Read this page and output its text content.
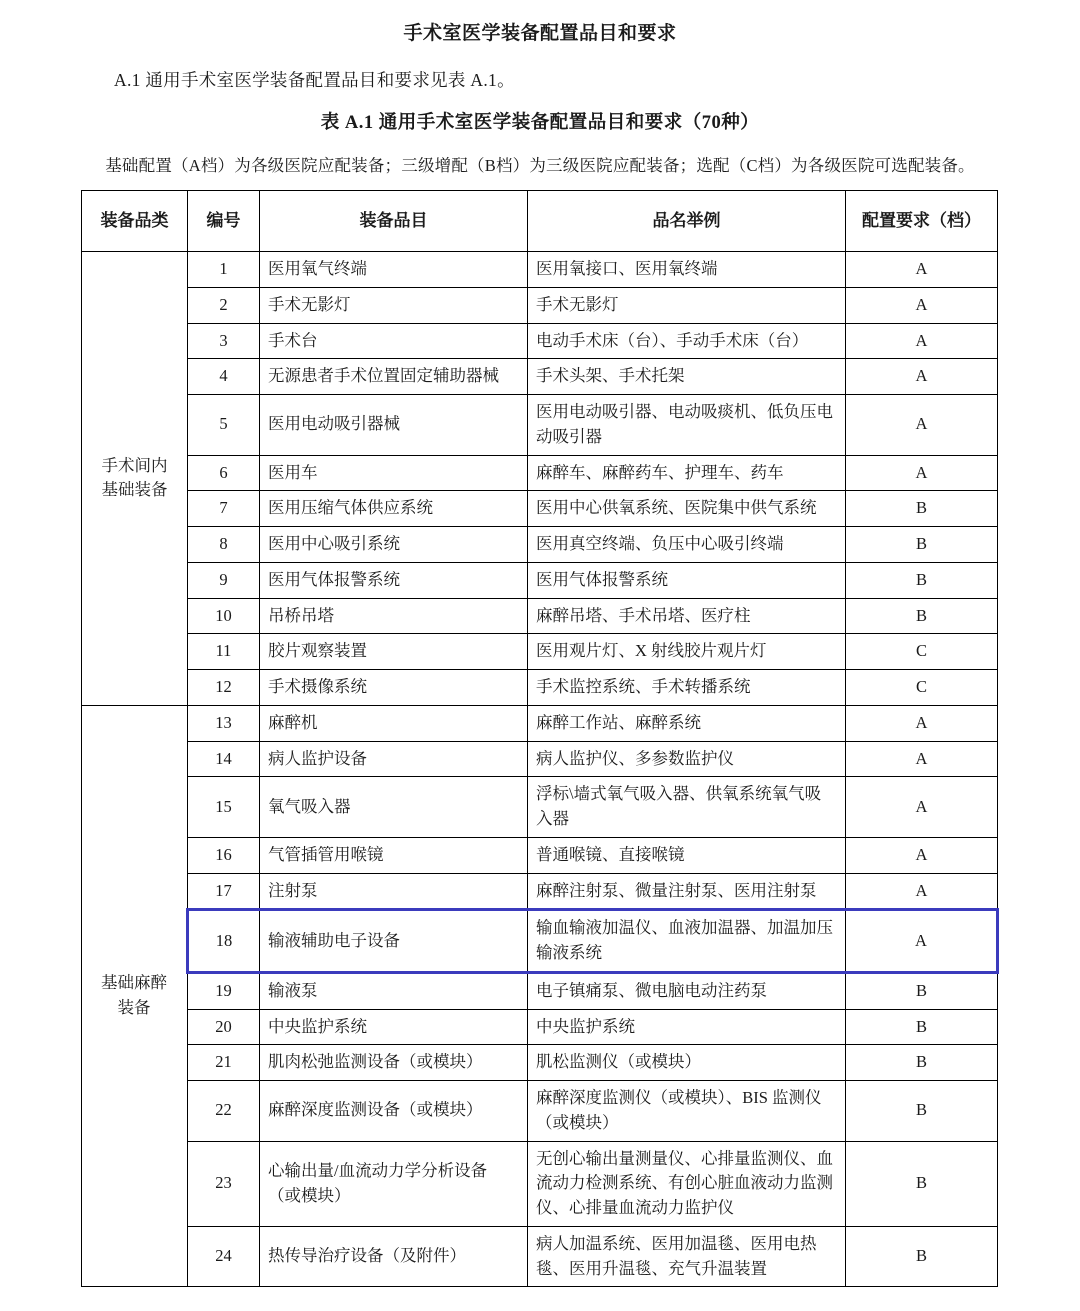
手术室医学装备配置品目和要求
A.1 通用手术室医学装备配置品目和要求见表 A.1。
表 A.1 通用手术室医学装备配置品目和要求（70种）
基础配置（A档）为各级医院应配装备；三级增配（B档）为三级医院应配装备；选配（C档）为各级医院可选配装备。
装备品类	编号	装备品目	品名举例	配置要求（档）
手术间内
基础装备	1	医用氧气终端	医用氧接口、医用氧终端	A
	2	手术无影灯	手术无影灯	A
	3	手术台	电动手术床（台）、手动手术床（台）	A
	4	无源患者手术位置固定辅助器械	手术头架、手术托架	A
	5	医用电动吸引器械	医用电动吸引器、电动吸痰机、低负压电动吸引器	A
	6	医用车	麻醉车、麻醉药车、护理车、药车	A
	7	医用压缩气体供应系统	医用中心供氧系统、医院集中供气系统	B
	8	医用中心吸引系统	医用真空终端、负压中心吸引终端	B
	9	医用气体报警系统	医用气体报警系统	B
	10	吊桥吊塔	麻醉吊塔、手术吊塔、医疗柱	B
	11	胶片观察装置	医用观片灯、X 射线胶片观片灯	C
	12	手术摄像系统	手术监控系统、手术转播系统	C
基础麻醉
装备	13	麻醉机	麻醉工作站、麻醉系统	A
	14	病人监护设备	病人监护仪、多参数监护仪	A
	15	氧气吸入器	浮标\墙式氧气吸入器、供氧系统氧气吸入器	A
	16	气管插管用喉镜	普通喉镜、直接喉镜	A
	17	注射泵	麻醉注射泵、微量注射泵、医用注射泵	A
	18	输液辅助电子设备	输血输液加温仪、血液加温器、加温加压输液系统	A
	19	输液泵	电子镇痛泵、微电脑电动注药泵	B
	20	中央监护系统	中央监护系统	B
	21	肌肉松弛监测设备（或模块）	肌松监测仪（或模块）	B
	22	麻醉深度监测设备（或模块）	麻醉深度监测仪（或模块）、BIS 监测仪（或模块）	B
	23	心输出量/血流动力学分析设备（或模块）	无创心输出量测量仪、心排量监测仪、血流动力检测系统、有创心脏血液动力监测仪、心排量血流动力监护仪	B
	24	热传导治疗设备（及附件）	病人加温系统、医用加温毯、医用电热毯、医用升温毯、充气升温装置	B
